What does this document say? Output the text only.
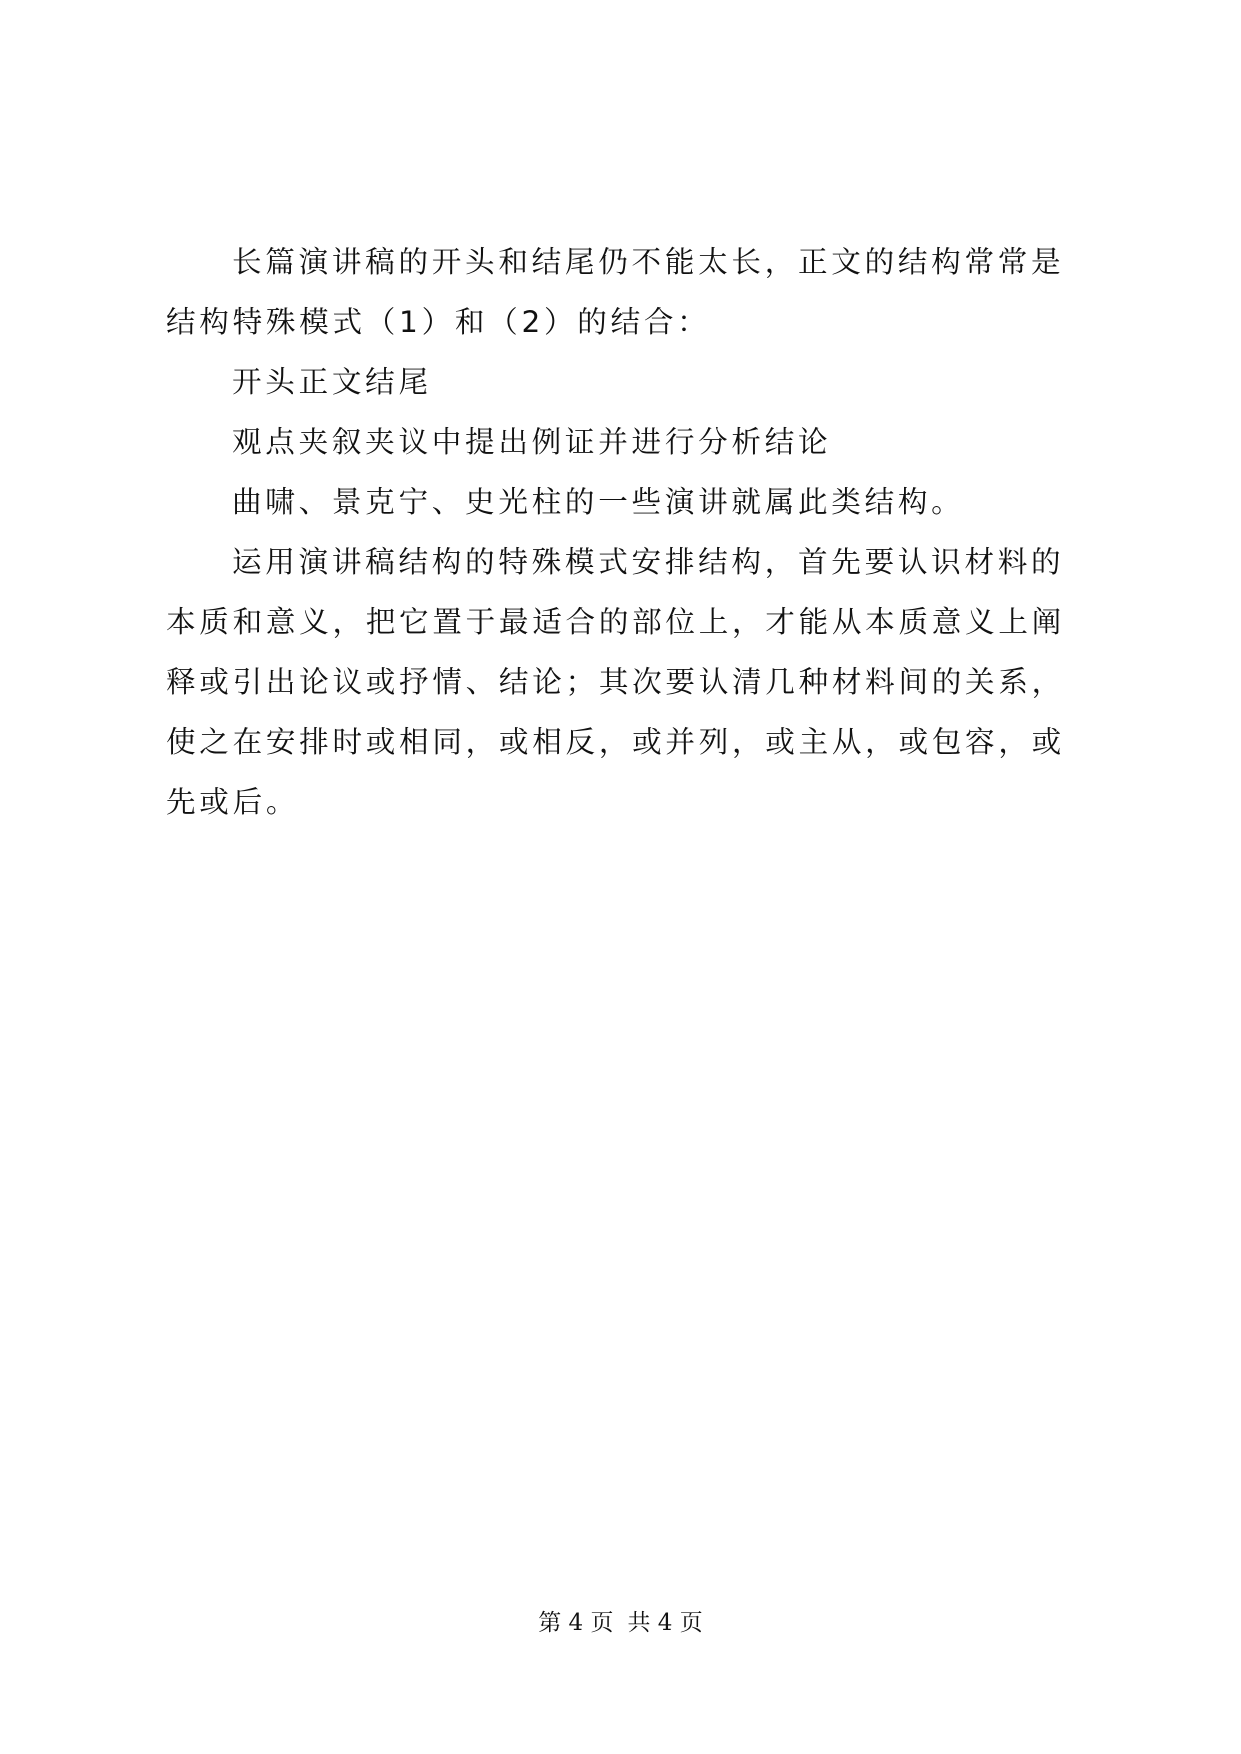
长篇演讲稿的开头和结尾仍不能太长，正文的结构常常是结构特殊模式（1）和（2）的结合：

开头正文结尾

观点夹叙夹议中提出例证并进行分析结论

曲啸、景克宁、史光柱的一些演讲就属此类结构。

运用演讲稿结构的特殊模式安排结构，首先要认识材料的本质和意义，把它置于最适合的部位上，才能从本质意义上阐释或引出论议或抒情、结论；其次要认清几种材料间的关系，使之在安排时或相同，或相反，或并列，或主从，或包容，或先或后。

第 4 页 共 4 页
